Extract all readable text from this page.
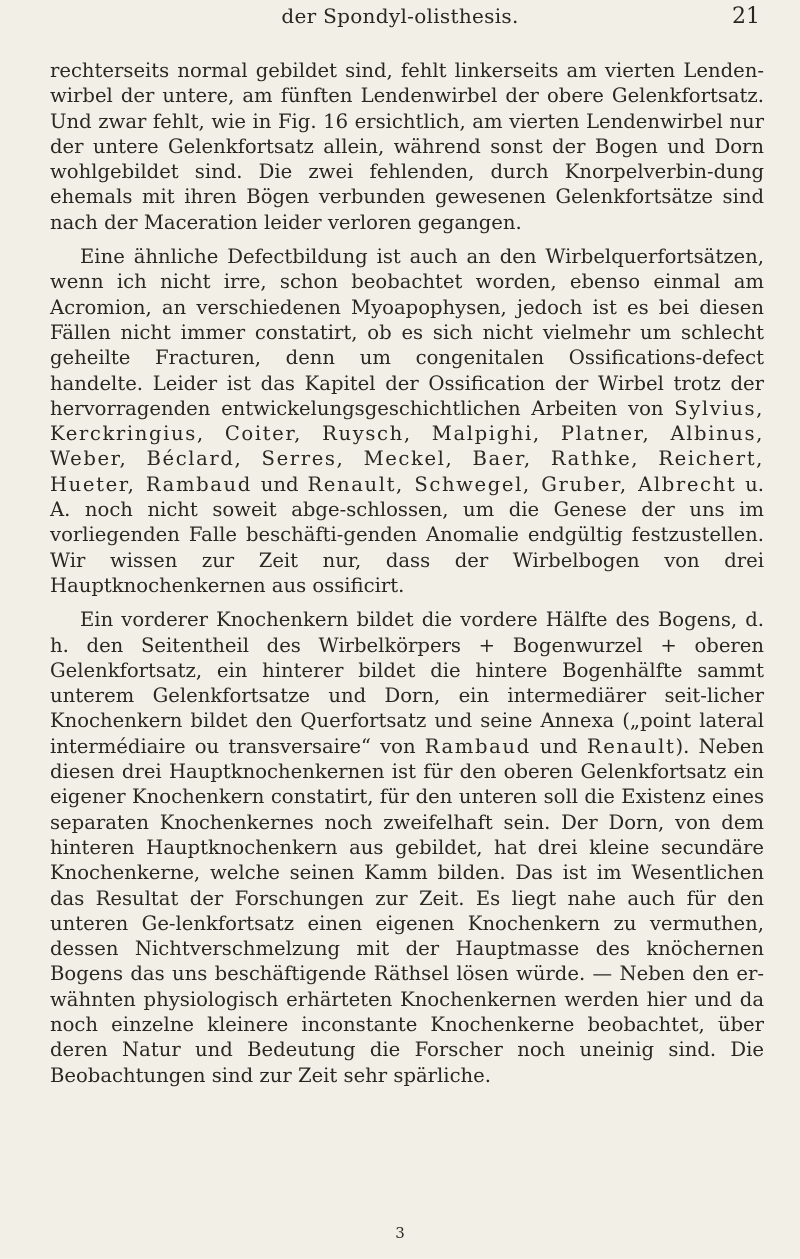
der Spondyl-olisthesis.	21

rechterseits normal gebildet sind, fehlt linkerseits am vierten Lenden-wirbel der untere, am fünften Lendenwirbel der obere Gelenkfortsatz. Und zwar fehlt, wie in Fig. 16 ersichtlich, am vierten Lendenwirbel nur der untere Gelenkfortsatz allein, während sonst der Bogen und Dorn wohlgebildet sind. Die zwei fehlenden, durch Knorpelverbin-dung ehemals mit ihren Bögen verbunden gewesenen Gelenkfortsätze sind nach der Maceration leider verloren gegangen.

Eine ähnliche Defectbildung ist auch an den Wirbelquerfortsätzen, wenn ich nicht irre, schon beobachtet worden, ebenso einmal am Acromion, an verschiedenen Myoapophysen, jedoch ist es bei diesen Fällen nicht immer constatirt, ob es sich nicht vielmehr um schlecht geheilte Fracturen, denn um congenitalen Ossifications-defect handelte. Leider ist das Kapitel der Ossification der Wirbel trotz der hervorragenden entwickelungsgeschichtlichen Arbeiten von Sylvius, Kerckringius, Coiter, Ruysch, Malpighi, Platner, Albinus, Weber, Béclard, Serres, Meckel, Baer, Rathke, Reichert, Hueter, Rambaud und Renault, Schwegel, Gruber, Albrecht u. A. noch nicht soweit abge-schlossen, um die Genese der uns im vorliegenden Falle beschäfti-genden Anomalie endgültig festzustellen. Wir wissen zur Zeit nur, dass der Wirbelbogen von drei Hauptknochenkernen aus ossificirt.

Ein vorderer Knochenkern bildet die vordere Hälfte des Bogens, d. h. den Seitentheil des Wirbelkörpers + Bogenwurzel + oberen Gelenkfortsatz, ein hinterer bildet die hintere Bogenhälfte sammt unterem Gelenkfortsatze und Dorn, ein intermediärer seit-licher Knochenkern bildet den Querfortsatz und seine Annexa („point lateral intermédiaire ou transversaire“ von Rambaud und Renault). Neben diesen drei Hauptknochenkernen ist für den oberen Gelenkfortsatz ein eigener Knochenkern constatirt, für den unteren soll die Existenz eines separaten Knochenkernes noch zweifelhaft sein. Der Dorn, von dem hinteren Hauptknochenkern aus gebildet, hat drei kleine secundäre Knochenkerne, welche seinen Kamm bilden. Das ist im Wesentlichen das Resultat der Forschungen zur Zeit. Es liegt nahe auch für den unteren Ge-lenkfortsatz einen eigenen Knochenkern zu vermuthen, dessen Nichtverschmelzung mit der Hauptmasse des knöchernen Bogens das uns beschäftigende Räthsel lösen würde. — Neben den er-wähnten physiologisch erhärteten Knochenkernen werden hier und da noch einzelne kleinere inconstante Knochenkerne beobachtet, über deren Natur und Bedeutung die Forscher noch uneinig sind. Die Beobachtungen sind zur Zeit sehr spärliche.

3
